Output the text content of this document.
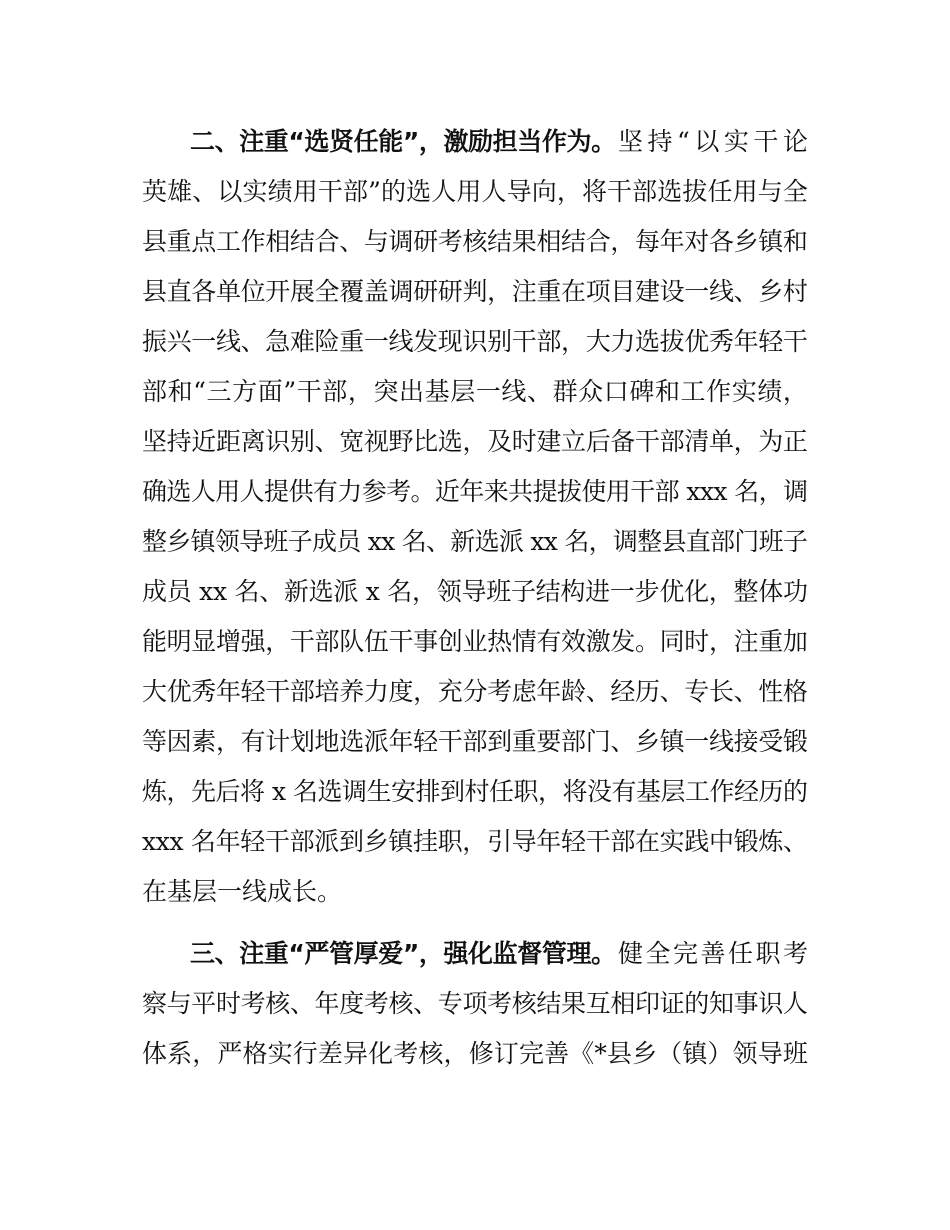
二、注重“选贤任能”，激励担当作为。 坚持“以实干论
英雄、以实绩用干部”的选人用人导向，将干部选拔任用与全
县重点工作相结合、与调研考核结果相结合，每年对各乡镇和
县直各单位开展全覆盖调研研判，注重在项目建设一线、乡村
振兴一线、急难险重一线发现识别干部，大力选拔优秀年轻干
部和“三方面”干部，突出基层一线、群众口碑和工作实绩，
坚持近距离识别、宽视野比选，及时建立后备干部清单，为正
确选人用人提供有力参考。近年来共提拔使用干部 xxx 名，调
整乡镇领导班子成员 xx 名、新选派 xx 名，调整县直部门班子
成员 xx 名、新选派 x 名，领导班子结构进一步优化，整体功
能明显增强，干部队伍干事创业热情有效激发。同时，注重加
大优秀年轻干部培养力度，充分考虑年龄、经历、专长、性格
等因素，有计划地选派年轻干部到重要部门、乡镇一线接受锻
炼，先后将 x 名选调生安排到村任职，将没有基层工作经历的
xxx 名年轻干部派到乡镇挂职，引导年轻干部在实践中锻炼、
在基层一线成长。
三、注重“严管厚爱”，强化监督管理。 健全完善任职考
察与平时考核、年度考核、专项考核结果互相印证的知事识人
体系，严格实行差异化考核，修订完善《*县乡（镇）领导班
